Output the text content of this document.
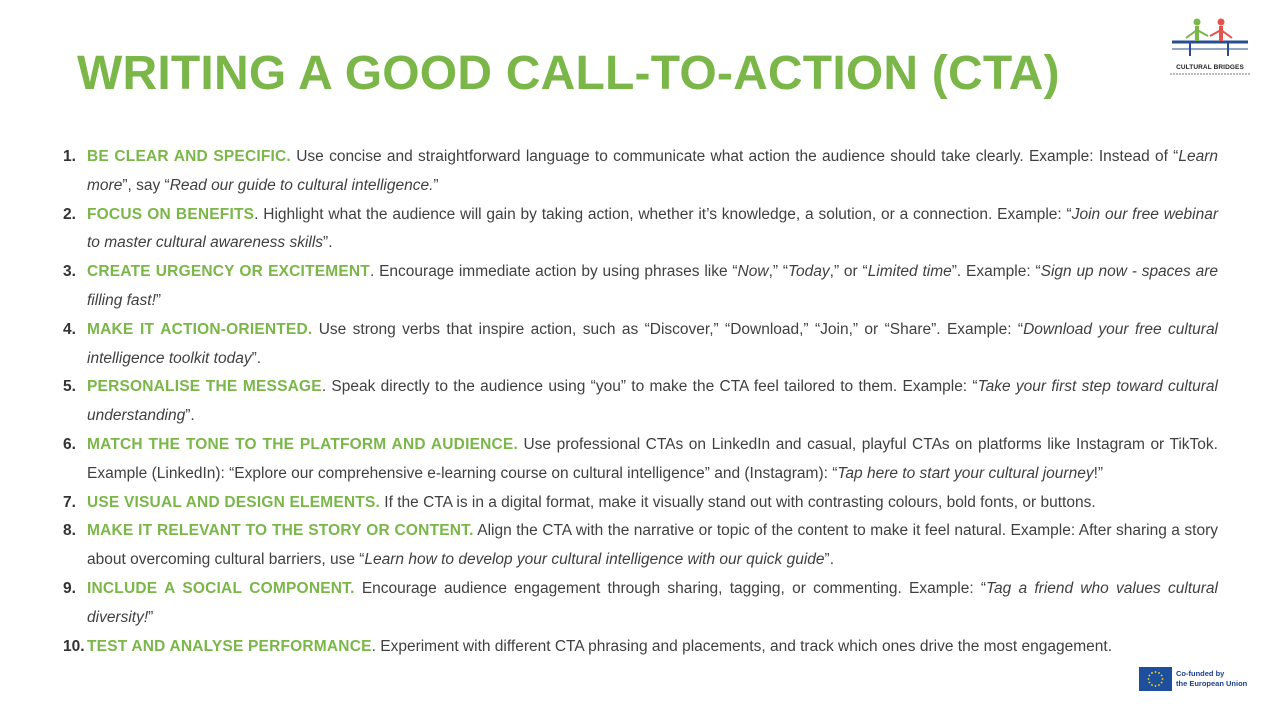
WRITING A GOOD CALL-TO-ACTION (CTA)	CULTURAL BRIDGES
1. BE CLEAR AND SPECIFIC. Use concise and straightforward language to communicate what action the audience should take clearly. Example: Instead of “Learn more”, say “Read our guide to cultural intelligence.”
2. FOCUS ON BENEFITS. Highlight what the audience will gain by taking action, whether it’s knowledge, a solution, or a connection. Example: “Join our free webinar to master cultural awareness skills”.
3. CREATE URGENCY OR EXCITEMENT. Encourage immediate action by using phrases like “Now,” “Today,” or “Limited time”. Example: “Sign up now - spaces are filling fast!”
4. MAKE IT ACTION-ORIENTED. Use strong verbs that inspire action, such as “Discover,” “Download,” “Join,” or “Share”. Example: “Download your free cultural intelligence toolkit today”.
5. PERSONALISE THE MESSAGE. Speak directly to the audience using “you” to make the CTA feel tailored to them. Example: “Take your first step toward cultural understanding”.
6. MATCH THE TONE TO THE PLATFORM AND AUDIENCE. Use professional CTAs on LinkedIn and casual, playful CTAs on platforms like Instagram or TikTok. Example (LinkedIn): “Explore our comprehensive e-learning course on cultural intelligence” and (Instagram): “Tap here to start your cultural journey!”
7. USE VISUAL AND DESIGN ELEMENTS. If the CTA is in a digital format, make it visually stand out with contrasting colours, bold fonts, or buttons.
8. MAKE IT RELEVANT TO THE STORY OR CONTENT. Align the CTA with the narrative or topic of the content to make it feel natural. Example: After sharing a story about overcoming cultural barriers, use “Learn how to develop your cultural intelligence with our quick guide”.
9. INCLUDE A SOCIAL COMPONENT. Encourage audience engagement through sharing, tagging, or commenting. Example: “Tag a friend who values cultural diversity!”
10. TEST AND ANALYSE PERFORMANCE. Experiment with different CTA phrasing and placements, and track which ones drive the most engagement.
Co-funded by
the European Union
